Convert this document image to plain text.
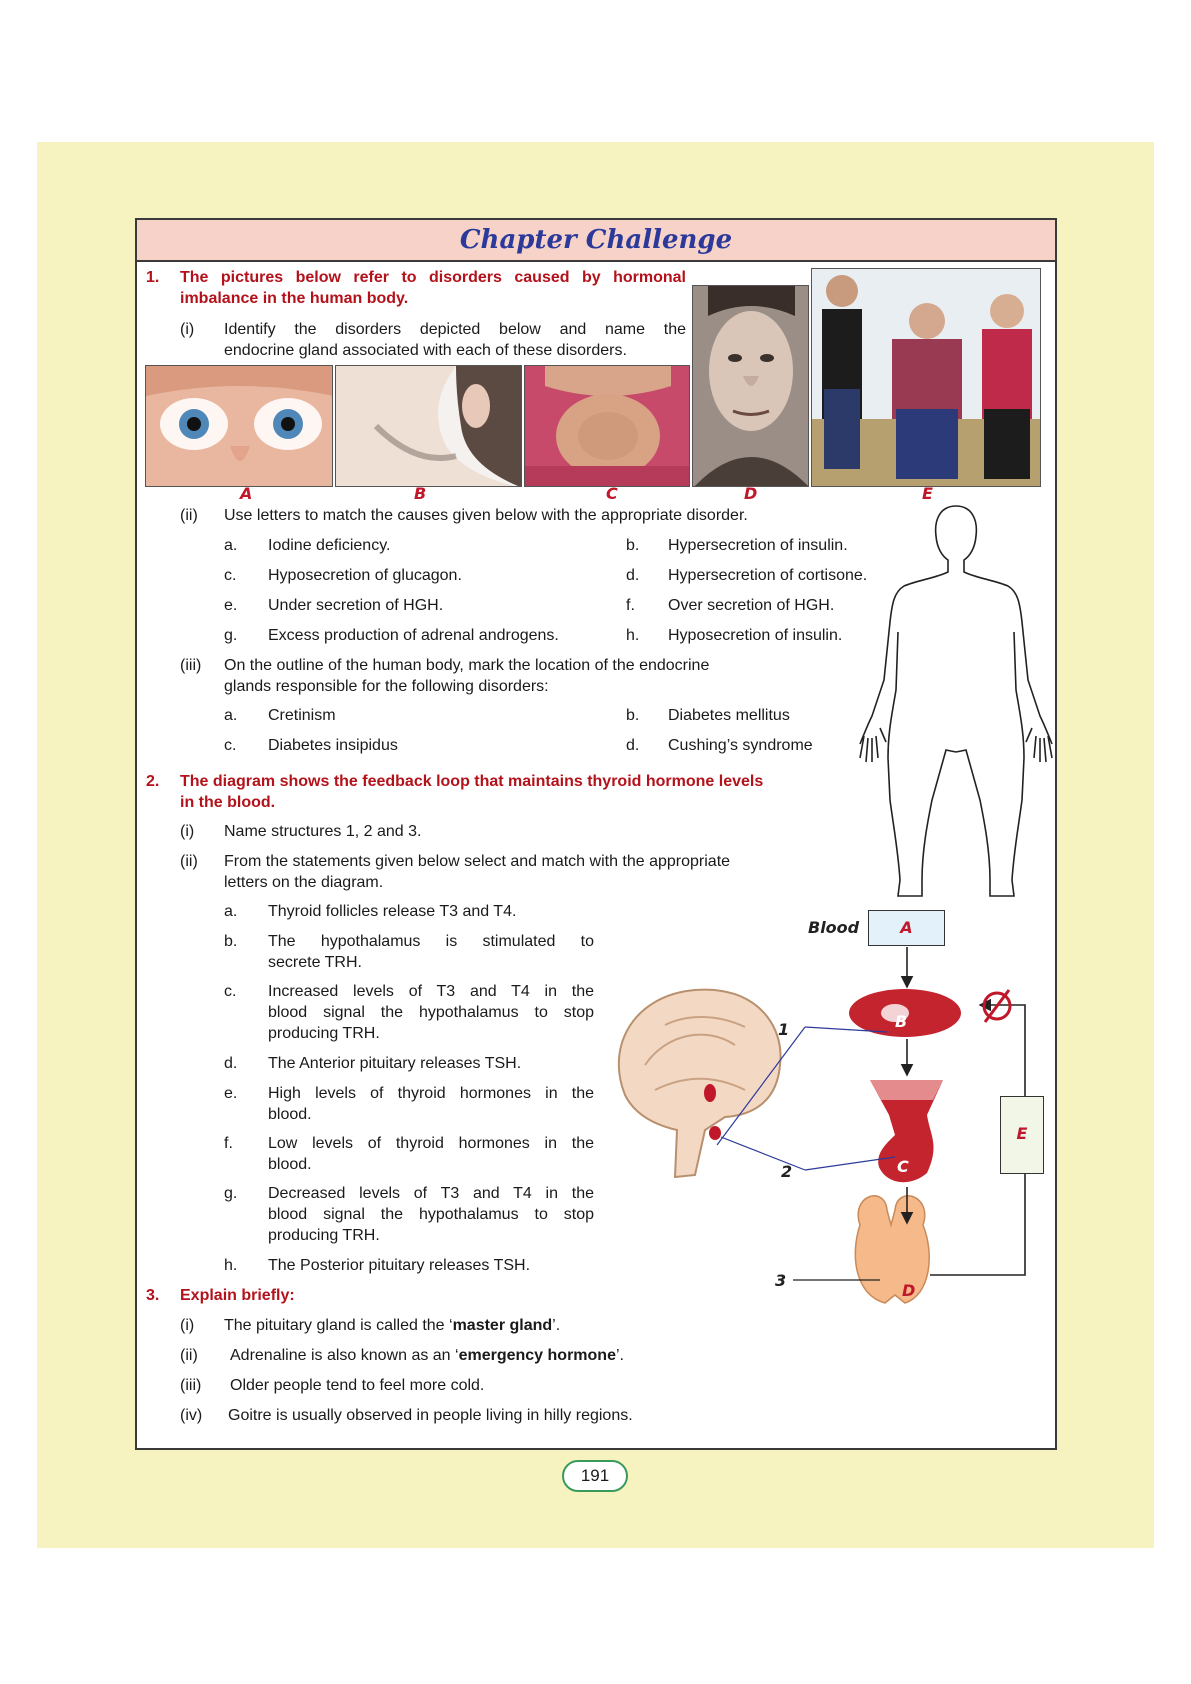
Chapter Challenge
1. The pictures below refer to disorders caused by hormonal
imbalance in the human body.
(i) Identify the disorders depicted below and name the
endocrine gland associated with each of these disorders.
A	B	C	D	E
(ii) Use letters to match the causes given below with the appropriate disorder.
a. Iodine deficiency.	b. Hypersecretion of insulin.
c. Hyposecretion of glucagon.	d. Hypersecretion of cortisone.
e. Under secretion of HGH.	f. Over secretion of HGH.
g. Excess production of adrenal androgens.	h. Hyposecretion of insulin.
(iii) On the outline of the human body, mark the location of the endocrine
glands responsible for the following disorders:
a. Cretinism	b. Diabetes mellitus
c. Diabetes insipidus	d. Cushing’s syndrome
2. The diagram shows the feedback loop that maintains thyroid hormone levels
in the blood.
(i) Name structures 1, 2 and 3.
(ii) From the statements given below select and match with the appropriate
letters on the diagram.
a. Thyroid follicles release T3 and T4.
b. The hypothalamus is stimulated to
secrete TRH.
c. Increased levels of T3 and T4 in the
blood signal the hypothalamus to stop
producing TRH.
d. The Anterior pituitary releases TSH.
e. High levels of thyroid hormones in the
blood.
f. Low levels of thyroid hormones in the
blood.
g. Decreased levels of T3 and T4 in the
blood signal the hypothalamus to stop
producing TRH.
h. The Posterior pituitary releases TSH.
Blood	A
B
C
D
E
1
2
3
3. Explain briefly:
(i) The pituitary gland is called the ‘master gland’.
(ii) Adrenaline is also known as an ‘emergency hormone’.
(iii) Older people tend to feel more cold.
(iv) Goitre is usually observed in people living in hilly regions.
191
